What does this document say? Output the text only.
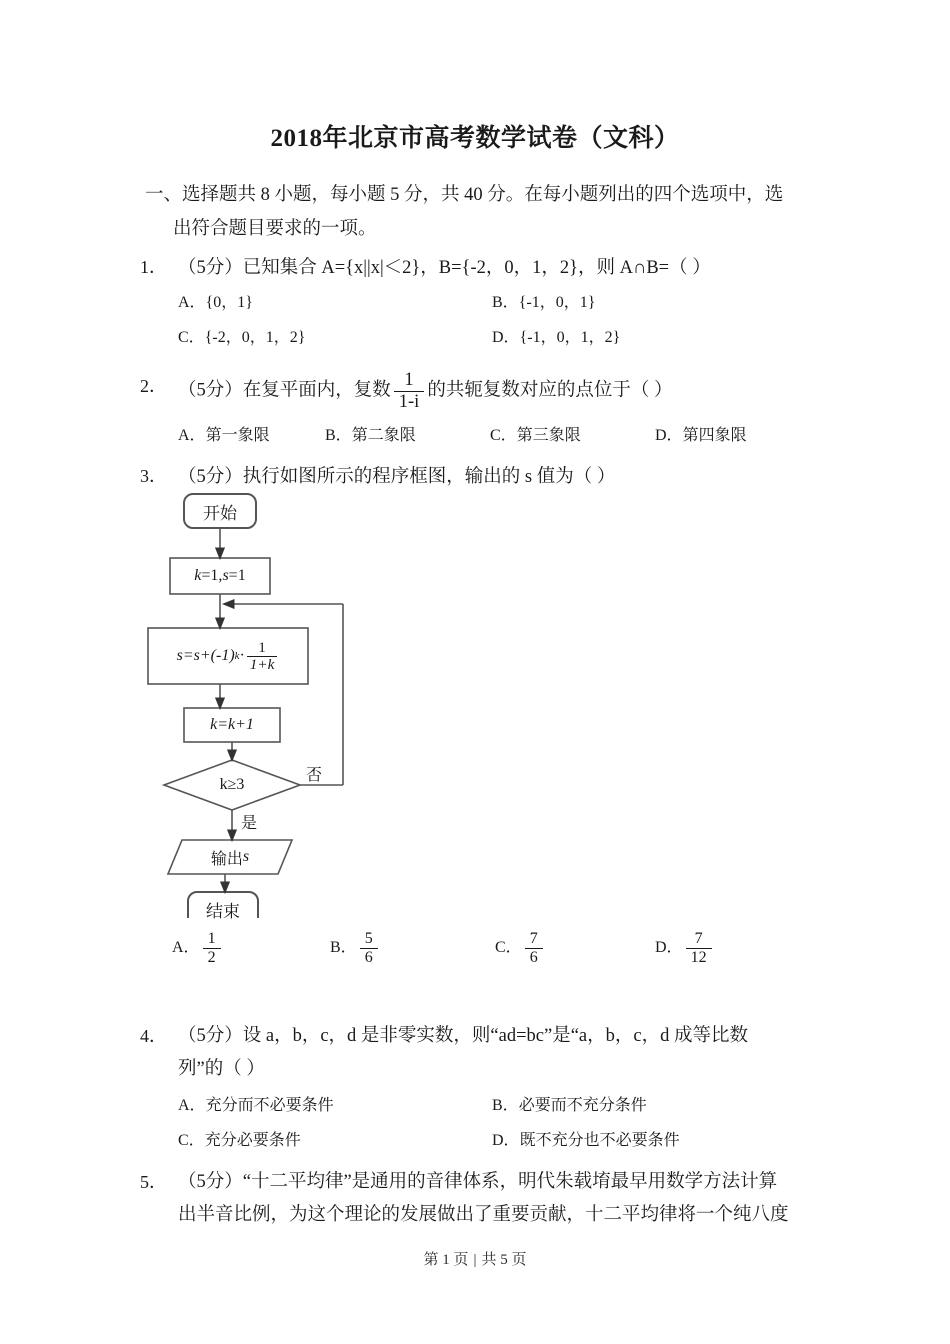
2018年北京市高考数学试卷（文科）
一、选择题共 8 小题，每小题 5 分，共 40 分。在每小题列出的四个选项中，选
出符合题目要求的一项。
1． （5分）已知集合 A={x||x|＜2}，B={‑2，0，1，2}，则 A∩B=（ ）
A．{0，1}	B．{‑1，0，1}
C．{‑2，0，1，2}	D．{‑1，0，1，2}
2． （5分）在复平面内，复数 $\frac{1}{1-i}$ 的共轭复数对应的点位于（ ）
A．第一象限	B．第二象限	C．第三象限	D．第四象限
3． （5分）执行如图所示的程序框图，输出的 s 值为（ ）
开始
k =1, s =1
s=s+(-1) $k \cdot \frac{1}{1+k}$
k=k+1
k≥3
否
是
输出 s
结束
A． $\frac{1}{2}$	B． $\frac{5}{6}$	C． $\frac{7}{6}$	D． $\frac{7}{12}$
4． （5分）设 a，b，c，d 是非零实数，则“ad=bc”是“a，b，c，d 成等比数
列”的（ ）
A．充分而不必要条件	B．必要而不充分条件
C．充分必要条件	D．既不充分也不必要条件
5． （5分）“十二平均律”是通用的音律体系，明代朱载堉最早用数学方法计算
出半音比例，为这个理论的发展做出了重要贡献，十二平均律将一个纯八度
第 1 页 | 共 5 页
